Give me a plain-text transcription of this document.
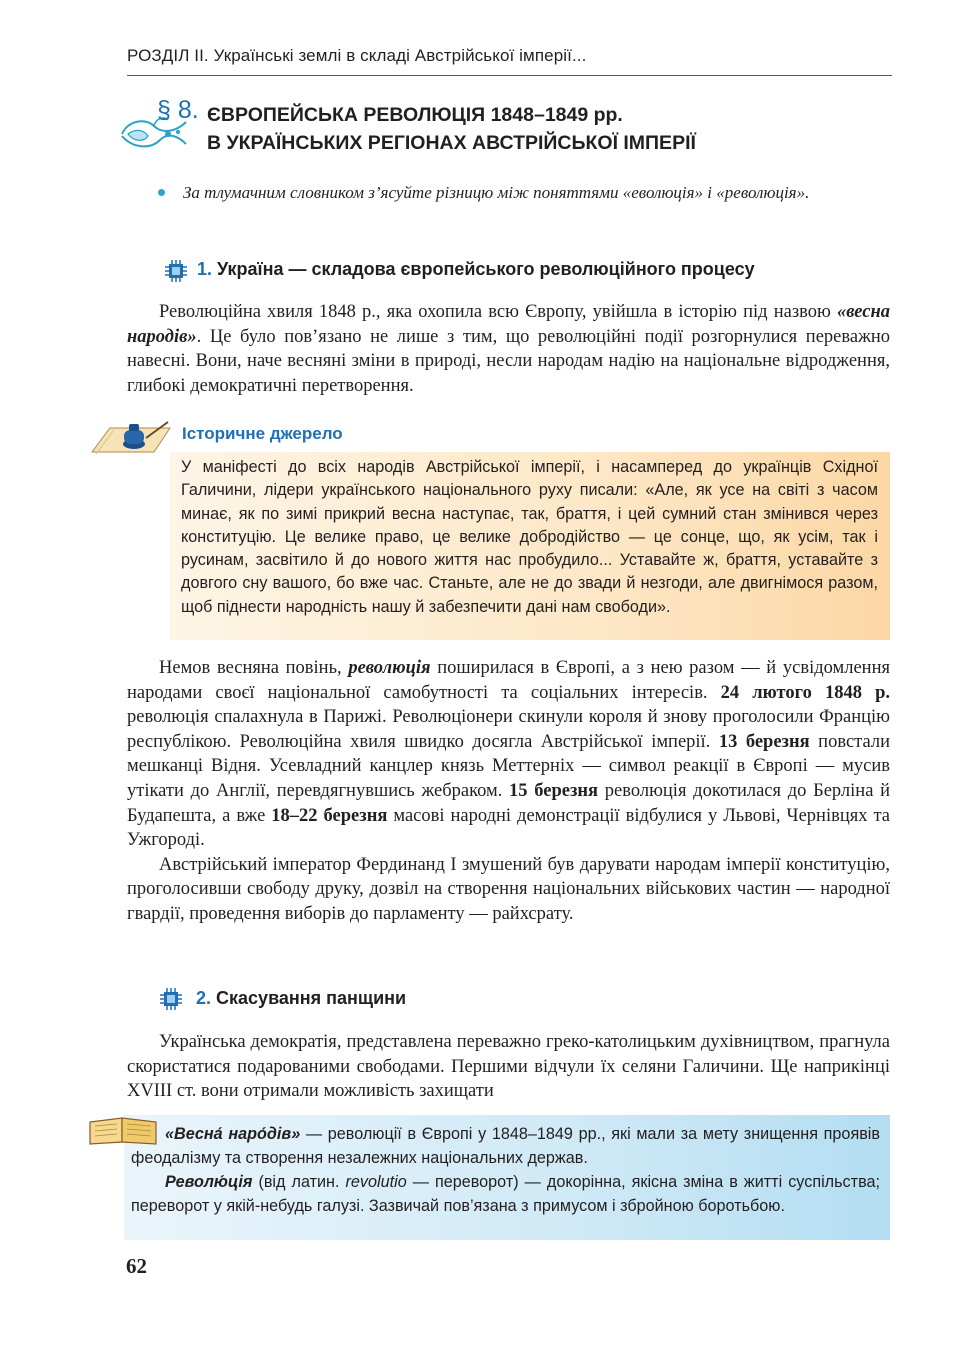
РОЗДІЛ II. Українські землі в складі Австрійської імперії...
§ 8. ЄВРОПЕЙСЬКА РЕВОЛЮЦІЯ 1848–1849 рр.
В УКРАЇНСЬКИХ РЕГІОНАХ АВСТРІЙСЬКОЇ ІМПЕРІЇ
За тлумачним словником з’ясуйте різницю між поняттями «еволюція» і «революція».
1. Україна — складова європейського революційного процесу

Революційна хвиля 1848 р., яка охопила всю Європу, увійшла в історію під назвою «весна народів». Це було пов’язано не лише з тим, що революційні події розгорнулися переважно навесні. Вони, наче весняні зміни в природі, несли народам надію на національне відродження, глибокі демократичні перетворення.

Історичне джерело
У маніфесті до всіх народів Австрійської імперії, і насамперед до українців Східної Галичини, лідери українського національного руху писали: «Але, як усе на світі з часом минає, як по зимі прикрий весна наступає, так, браття, і цей сумний стан змінився через конституцію. Це велике право, це велике добродійство — це сонце, що, як усім, так і русинам, засвітило й до нового життя нас пробудило... Уставайте ж, браття, уставайте з довгого сну вашого, бо вже час. Станьте, але не до звади й незгоди, але двигнімося разом, щоб піднести народність нашу й забезпечити дані нам свободи».

Немов весняна повінь, революція поширилася в Європі, а з нею разом — й усвідомлення народами своєї національної самобутності та соціальних інтересів. 24 лютого 1848 р. революція спалахнула в Парижі. Революціонери скинули короля й знову проголосили Францію республікою. Революційна хвиля швидко досягла Австрійської імперії. 13 березня повстали мешканці Відня. Усевладний канцлер князь Меттерніх — символ реакції в Європі — мусив утікати до Англії, перевдягнувшись жебраком. 15 березня революція докотилася до Берліна й Будапешта, а вже 18–22 березня масові народні демонстрації відбулися у Львові, Чернівцях та Ужгороді.

Австрійський імператор Фердинанд I змушений був дарувати народам імперії конституцію, проголосивши свободу друку, дозвіл на створення національних військових частин — народної гвардії, проведення виборів до парламенту — райхсрату.

2. Скасування панщини

Українська демократія, представлена переважно греко-католицьким духівництвом, прагнула скористатися подарованими свободами. Першими відчули їх селяни Галичини. Ще наприкінці XVIII ст. вони отримали можливість захищати

«Весна́ наро́дів» — революції в Європі у 1848–1849 рр., які мали за мету знищення проявів феодалізму та створення незалежних національних держав.

Револю́ція (від латин. revolutio — переворот) — докорінна, якісна зміна в житті суспільства; переворот у якій-небудь галузі. Зазвичай пов’язана з примусом і збройною боротьбою.

62
